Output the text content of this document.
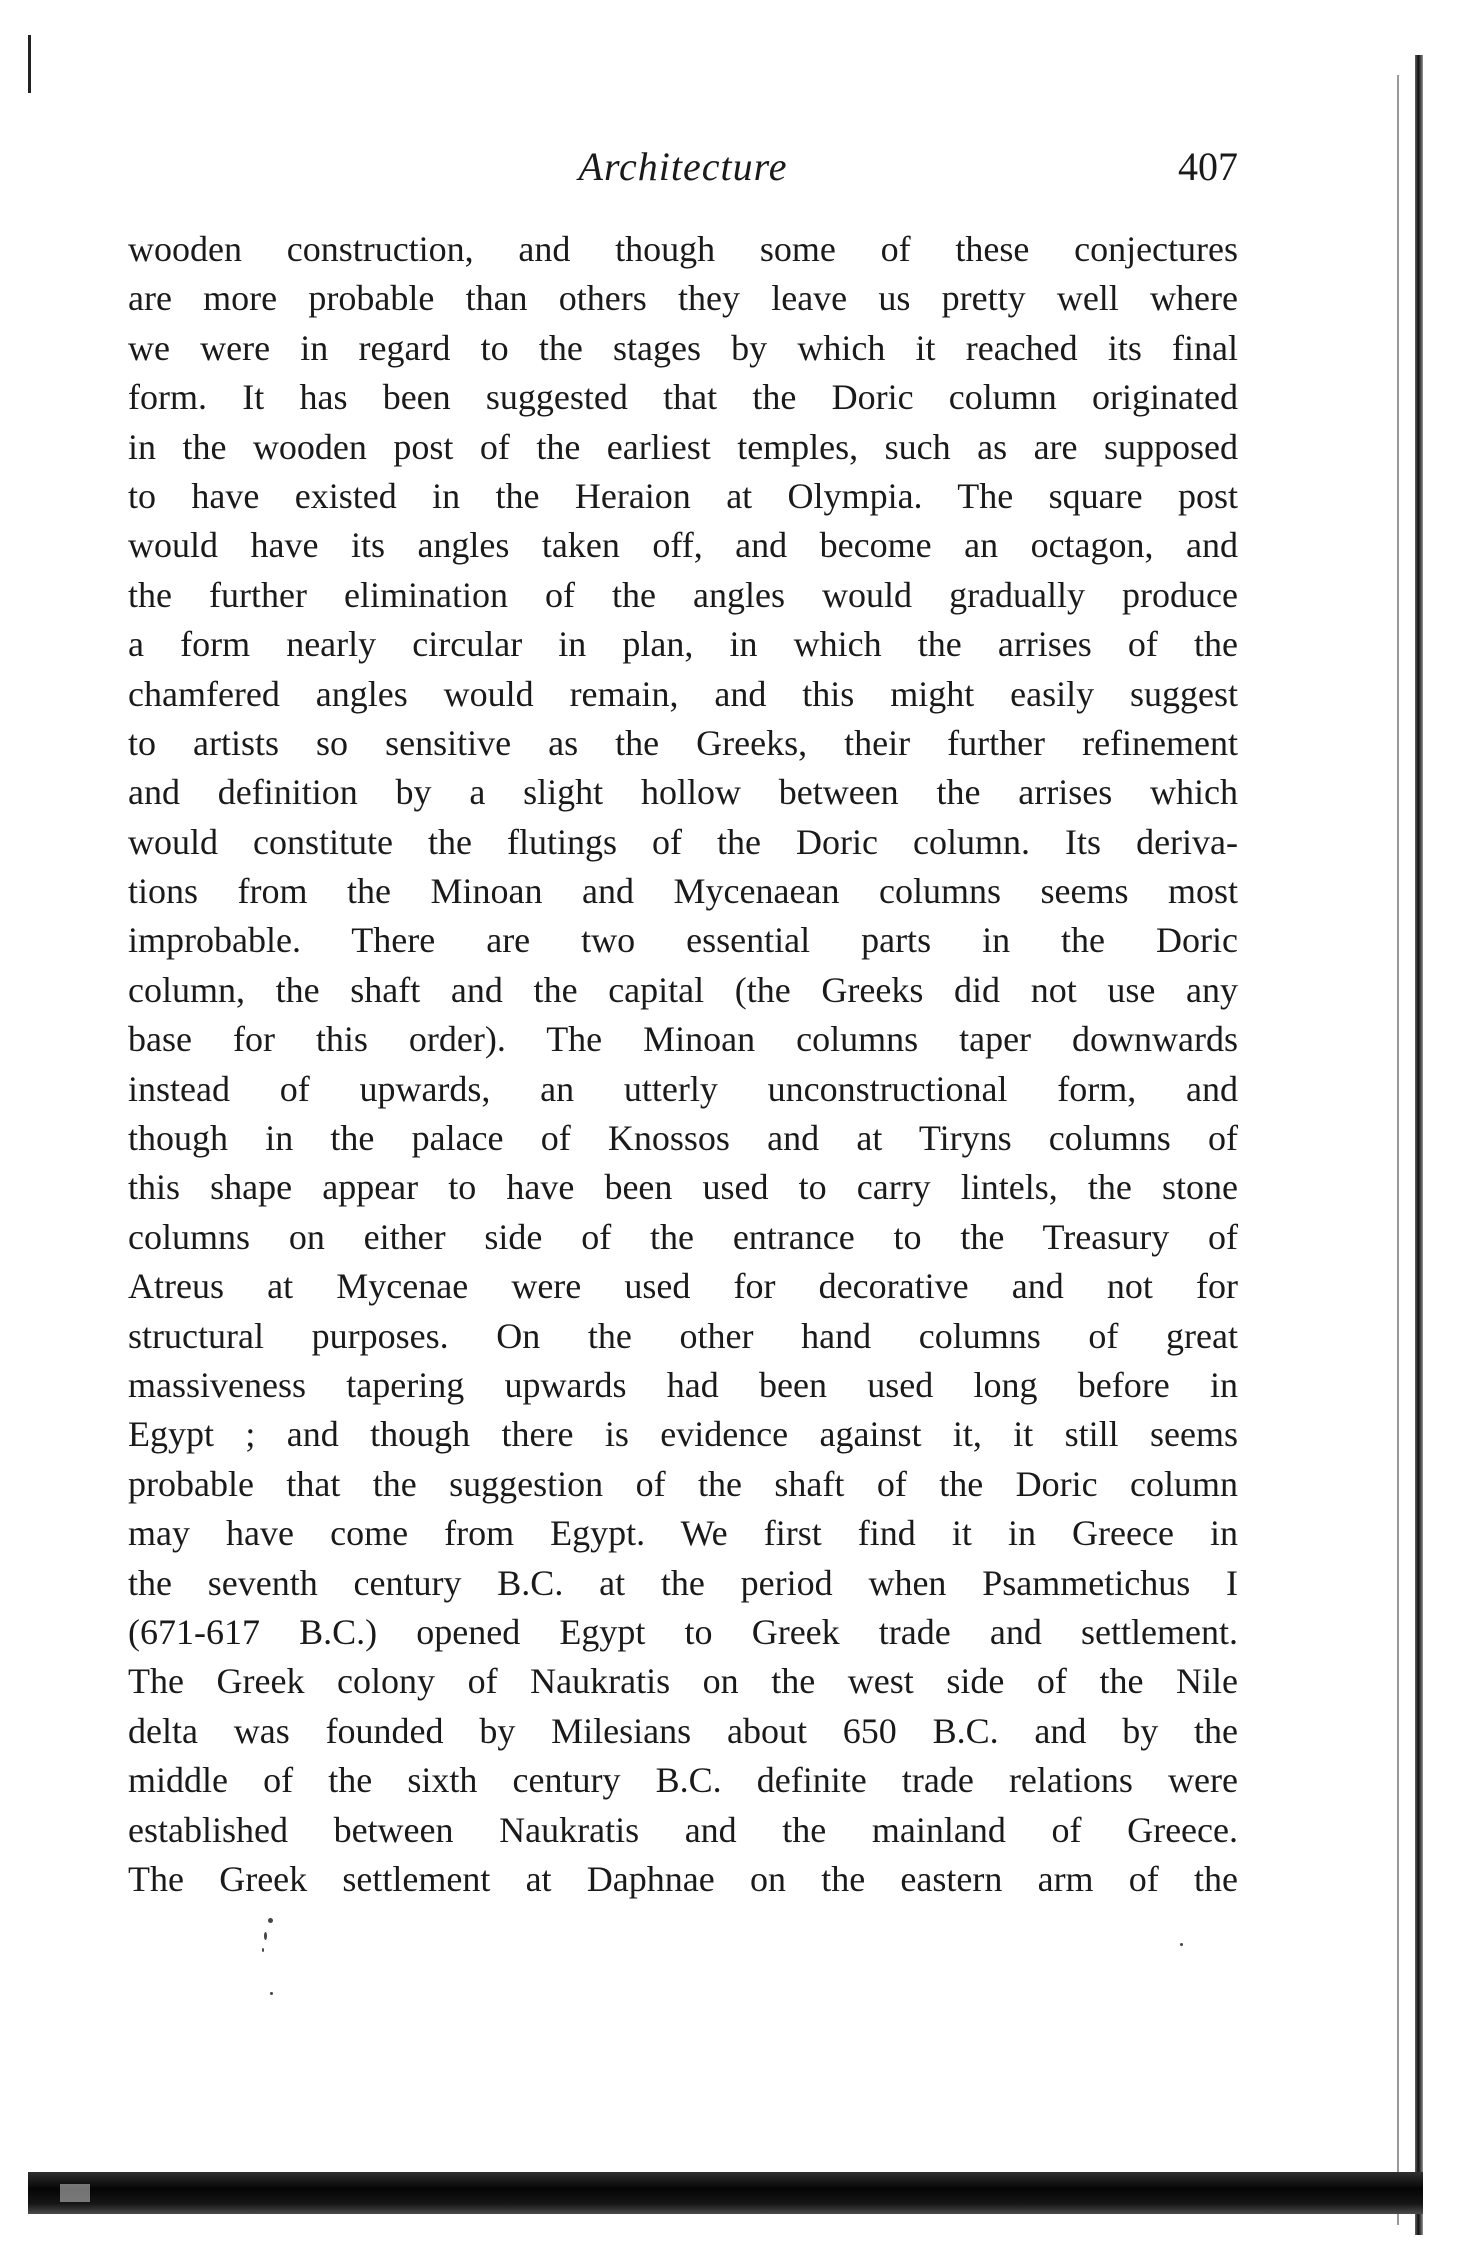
Architecture	407
wooden construction, and though some of these conjectures
are more probable than others they leave us pretty well where
we were in regard to the stages by which it reached its final
form. It has been suggested that the Doric column originated
in the wooden post of the earliest temples, such as are supposed
to have existed in the Heraion at Olympia. The square post
would have its angles taken off, and become an octagon, and
the further elimination of the angles would gradually produce
a form nearly circular in plan, in which the arrises of the
chamfered angles would remain, and this might easily suggest
to artists so sensitive as the Greeks, their further refinement
and definition by a slight hollow between the arrises which
would constitute the flutings of the Doric column. Its deriva-
tions from the Minoan and Mycenaean columns seems most
improbable. There are two essential parts in the Doric
column, the shaft and the capital (the Greeks did not use any
base for this order). The Minoan columns taper downwards
instead of upwards, an utterly unconstructional form, and
though in the palace of Knossos and at Tiryns columns of
this shape appear to have been used to carry lintels, the stone
columns on either side of the entrance to the Treasury of
Atreus at Mycenae were used for decorative and not for
structural purposes. On the other hand columns of great
massiveness tapering upwards had been used long before in
Egypt ; and though there is evidence against it, it still seems
probable that the suggestion of the shaft of the Doric column
may have come from Egypt. We first find it in Greece in
the seventh century B.C. at the period when Psammetichus I
(671-617 B.C.) opened Egypt to Greek trade and settlement.
The Greek colony of Naukratis on the west side of the Nile
delta was founded by Milesians about 650 B.C. and by the
middle of the sixth century B.C. definite trade relations were
established between Naukratis and the mainland of Greece.
The Greek settlement at Daphnae on the eastern arm of the
